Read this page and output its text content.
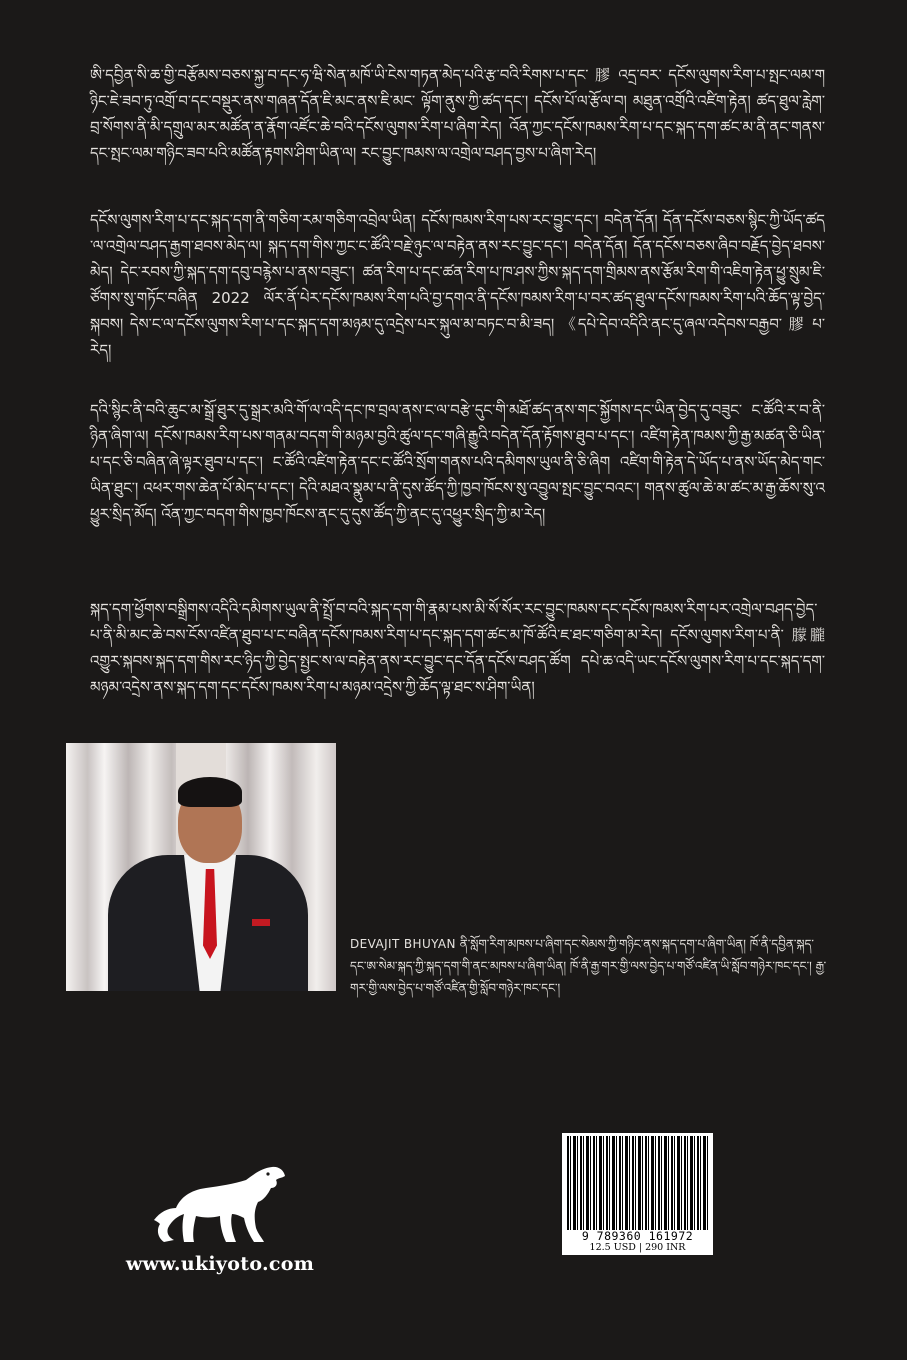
ཨི་དབྱིན་སི་ཆ་གྱི་བརྩོམས་བཅས་སྐྱ་བ་དང་ཧ་ཝི་སེན་མཁོ་ཡི་ངེས་གཏན་མེད་པའི་རྩ་བའི་རིགས་པ་དང་ 膠 འདྲ་བར་ དངོས་ལུགས་རིག་པ་སྤང་ལམ་གཉིང་ཇེ་ཟབ་ཏུ་འགྲོ་བ་དང་བསྡུར་ནས་གཞན་དོན་ཇི་མང་ནས་ཇི་མང་ ལྟོག་ནུས་ཀྱི་ཚད་དང་། དངོས་པོ་ལ་རྩོལ་བ། མཐུན་འགྲོའི་འཛིག་རྟེན། ཚད་ཐུལ་རླེག་བྲ་སོགས་ནི་མི་དགྲུལ་མར་མཚོན་ན་རྣོག་འཛོང་ཆེ་བའི་དངོས་ལུགས་རིག་པ་ཞིག་རེད། འོན་ཀྱང་དངོས་ཁམས་རིག་པ་དང་སྐད་དག་ཚང་མ་ནི་ནང་གནས་དང་སྤང་ལམ་གཉིང་ཟབ་པའི་མཚོན་རྟགས་ཤིག་ཡིན་ལ། རང་བྱུང་ཁམས་ལ་འགྲེལ་བཤད་བྱས་པ་ཞིག་རེད།
དངོས་ལུགས་རིག་པ་དང་སྐད་དག་ནི་གཅིག་རམ་གཅིག་འབྲེལ་ཡིན། དངོས་ཁམས་རིག་པས་རང་བྱུང་དང་། བདེན་དོན། དོན་དངོས་བཅས་སྙིང་ཀྱི་ཡོད་ཚད་ལ་འགྲེལ་བཤད་རྒྱག་ཐབས་མེད་ལ། སྐད་དག་གིས་ཀྱང་ང་ཚོའི་བརྗེ་ཉུང་ལ་བརྟེན་ནས་རང་བྱུང་དང་། བདེན་དོན། དོན་དངོས་བཅས་ཞིབ་བརྗོད་བྱེད་ཐབས་མེད། དེང་རབས་ཀྱི་སྐད་དག་དབུ་བརྙེས་པ་ནས་བཟུང་། ཚན་རིག་པ་དང་ཚན་རིག་པ་ཁ་ཤས་ཀྱིས་སྐད་དག་གྲིམས་ནས་རྩོམ་རིག་གི་འཇིག་རྟེན་ཕྱུ་སྲུམ་ཇི་ཙོགས་སུ་གཏོང་བཞིན 2022 ལོར་ནོ་པེར་དངོས་ཁམས་རིག་པའི་བྱ་དགའ་ནི་དངོས་ཁམས་རིག་པ་བར་ཚད་ཐུལ་དངོས་ཁམས་རིག་པའི་ཆོད་ལྟ་བྱེད་སྐབས། དེས་ང་ལ་དངོས་ལུགས་རིག་པ་དང་སྐད་དག་མཉམ་དུ་འདྲེས་པར་སྐུལ་མ་བཏང་བ་མི་ཟད། 《དཔེ་དེབ་འདིའི་ནང་དུ་ཞལ་འདེབས་བརྒྱབ་ 膠 པ་རེད།
དའི་སྙིང་ནི་བའི་ཆུང་མ་སྒྲོ་ཐུར་དུ་སྒྲར་མའི་གོ་ལ་འདི་དང་ཁ་བྲལ་ནས་ང་ལ་བརྩེ་དུང་གི་མཐོ་ཚད་ནས་གང་སྐྱོགས་དང་ཡིན་བྱེད་དུ་བཟུང་ ང་ཚོའི་ར་བ་ནི་ ཉིན་ཞིག་ལ། དངོས་ཁམས་རིག་པས་གནམ་བདག་གི་མཉམ་བྱའི་ཚུལ་དང་གཞི་རྒྱུའི་བདེན་དོན་རྟོགས་ཐུབ་པ་དང་། འཛིག་རྟེན་ཁམས་ཀྱི་རྒྱ་མཚན་ཅི་ཡིན་པ་དང་ཅི་བཞིན་ཞེ་ལྟར་ཐུབ་པ་དང་། ང་ཚོའི་འཛིག་རྟེན་དང་ང་ཚོའི་སྲོག་གནས་པའི་དམིགས་ཡུལ་ནི་ཅི་ཞིག འཛིག་གི་རྟེན་དེ་ཡོད་པ་ནས་ཡོད་མེད་གང་ཡིན་ཐུང་། འཕར་གས་ཆེན་པོ་མེད་པ་དང་། དེའི་མཐའ་སྣུམ་པ་ནི་དུས་ཚོད་ཀྱི་ཁྱབ་ཁོངས་སུ་འབྱུལ་སྤང་བྱུང་བའང་། གནས་ཚུལ་ཆེ་མ་ཚང་མ་རྒྱ་ཆོས་སུ་འཕྱུར་སྲིད་མོད། འོན་ཀྱང་བདག་གིས་ཁྱབ་ཁོངས་ནང་དུ་དུས་ཚོད་ཀྱི་ནང་དུ་འཕྱུར་སྲིད་ཀྱི་མ་རེད།
སྐད་དག་ཕྱོགས་བསྒྲིགས་འདིའི་དམིགས་ཡུལ་ནི་སྤྲོ་བ་བའི་སྐད་དག་གི་རྣམ་པས་མི་སོ་སོར་རང་བྱུང་ཁམས་དང་དངོས་ཁམས་རིག་པར་འགྲེལ་བཤད་བྱེད་པ་ནི་མི་མང་ཆེ་བས་ངོས་འཛིན་ཐུབ་པ་ང་བཞིན་དངོས་ཁམས་རིག་པ་དང་སྐད་དག་ཚང་མ་ཁོ་ཚོའི་ཇ་ཐང་གཅིག་མ་རེད། དངོས་ལུགས་རིག་པ་ནི་ 朦朧 འགྱུར་སྐབས་སྐད་དག་གིས་རང་ཉིད་ཀྱི་བྱེད་སྤྱང་ས་ལ་བརྟེན་ནས་རང་བྱུང་དང་དོན་དངོས་བཤད་ཚོག དཔེ་ཆ་འདི་ཡང་དངོས་ལུགས་རིག་པ་དང་སྐད་དག་མཉམ་འདྲེས་ནས་སྐད་དག་དང་དངོས་ཁམས་རིག་པ་མཉམ་འདྲེས་ཀྱི་ཆོད་ལྟ་ཐང་ས་ཤིག་ཡིན།
DEVAJIT BHUYAN ནི་སློག་རིག་མཁས་པ་ཞིག་དང་སེམས་ཀྱི་གཉིང་ནས་སྐད་དག་པ་ཞིག་ཡིན། ཁོ་ནི་དབྱིན་སྐད་དང་ཨ་སེམ་སྐད་ཀྱི་སྐད་དག་གི་ནང་མཁས་པ་ཞིག་ཡིན། ཁོ་ནི་རྒྱ་གར་གྱི་ལས་བྱེད་པ་གཙོ་འཛིན་ཡི་སློབ་གཉེར་ཁང་དང་། རྒྱ་གར་གྱི་ལས་བྱེད་པ་གཙོ་འཛིན་གྱི་སློབ་གཉེར་ཁང་དང་།
9 789360 161972
12.5 USD | 290 INR
www.ukiyoto.com
